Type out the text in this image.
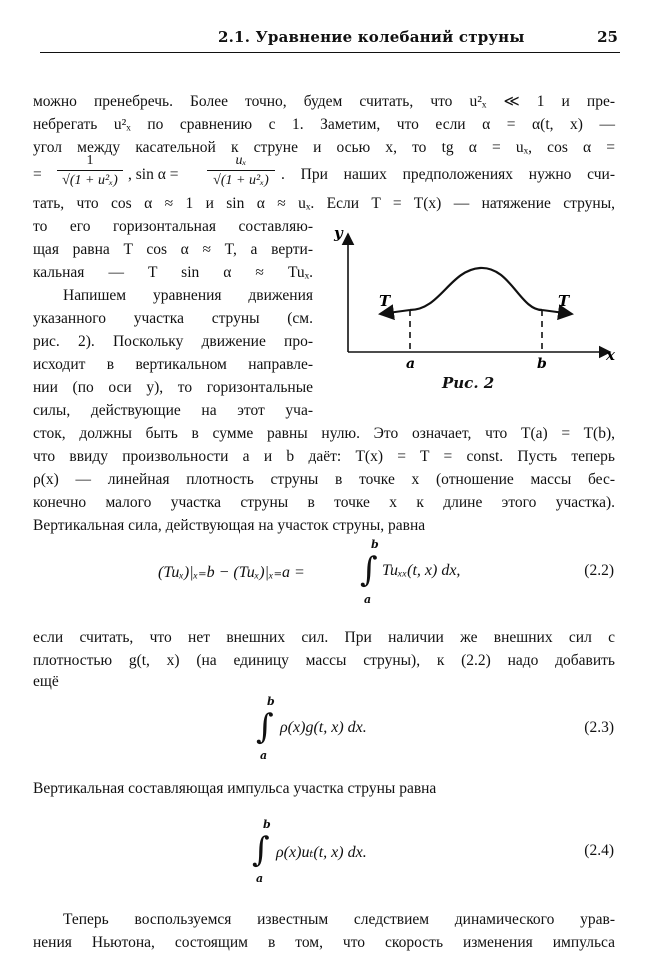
2.1. Уравнение колебаний струны	25
можно пренебречь. Более точно, будем считать, что u²ₓ ≪ 1 и пре-
небрегать u²ₓ по сравнению с 1. Заметим, что если α = α(t, x) —
угол между касательной к струне и осью x, то tg α = uₓ, cos α =
=
1
√(1 + u²ₓ) , sin α =
uₓ
√(1 + u²ₓ) . При наших предположениях нужно счи-
тать, что cos α ≈ 1 и sin α ≈ uₓ. Если T = T(x) — натяжение струны,
то его горизонтальная составляю-
щая равна T cos α ≈ T, а верти-
кальная — T sin α ≈ Tuₓ.
Напишем уравнения движения
указанного участка струны (см.
рис. 2). Поскольку движение про-
исходит в вертикальном направле-
нии (по оси y), то горизонтальные
силы, действующие на этот уча-
y
x
a	b
T	T
Рис. 2
сток, должны быть в сумме равны нулю. Это означает, что T(a) = T(b),
что ввиду произвольности a и b даёт: T(x) = T = const. Пусть теперь
ρ(x) — линейная плотность струны в точке x (отношение массы бес-
конечно малого участка струны в точке x к длине этого участка).
Вертикальная сила, действующая на участок струны, равна
(Tuₓ)|ₓ₌b − (Tuₓ)|ₓ₌a =
b
∫
a
Tuₓₓ(t, x) dx,	(2.2)
если считать, что нет внешних сил. При наличии же внешних сил с
плотностью g(t, x) (на единицу массы струны), к (2.2) надо добавить
ещё
b
∫
a
ρ(x)g(t, x) dx.	(2.3)
Вертикальная составляющая импульса участка струны равна
b
∫
a
ρ(x)uₜ(t, x) dx.	(2.4)
Теперь воспользуемся известным следствием динамического урав-
нения Ньютона, состоящим в том, что скорость изменения импульса
